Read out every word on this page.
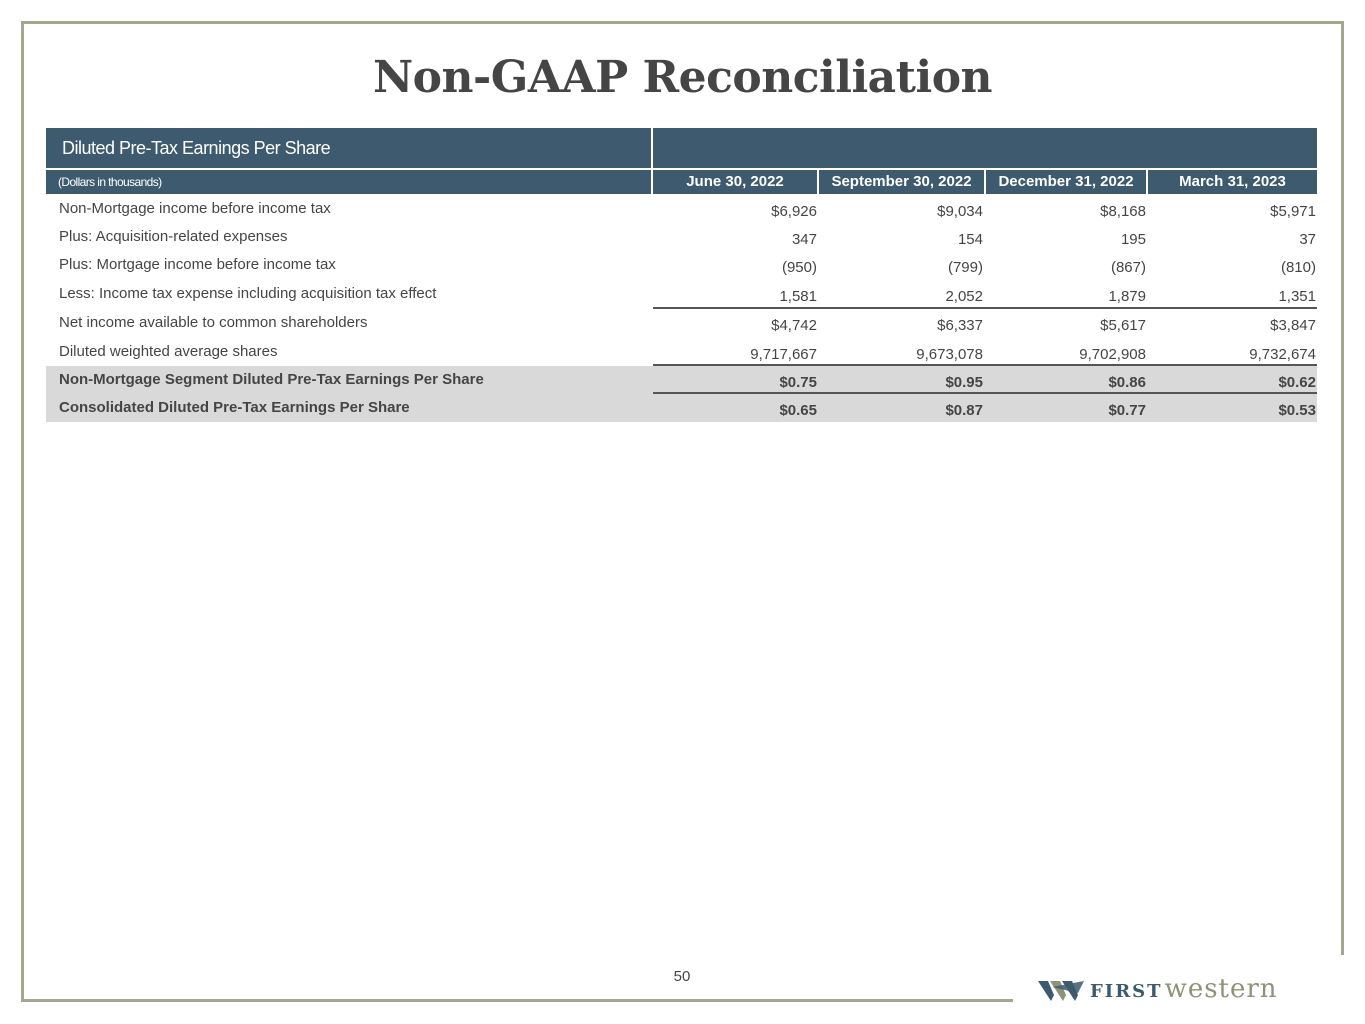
Non-GAAP Reconciliation
Diluted Pre-Tax Earnings Per Share
(Dollars in thousands)	June 30, 2022	September 30, 2022	December 31, 2022	March 31, 2023
Non-Mortgage income before income tax	$6,926	$9,034	$8,168	$5,971
Plus: Acquisition-related expenses	347	154	195	37
Plus: Mortgage income before income tax	(950)	(799)	(867)	(810)
Less: Income tax expense including acquisition tax effect	1,581	2,052	1,879	1,351
Net income available to common shareholders	$4,742	$6,337	$5,617	$3,847
Diluted weighted average shares	9,717,667	9,673,078	9,702,908	9,732,674
Non-Mortgage Segment Diluted Pre-Tax Earnings Per Share	$0.75	$0.95	$0.86	$0.62
Consolidated Diluted Pre-Tax Earnings Per Share	$0.65	$0.87	$0.77	$0.53
50
FIRST western
